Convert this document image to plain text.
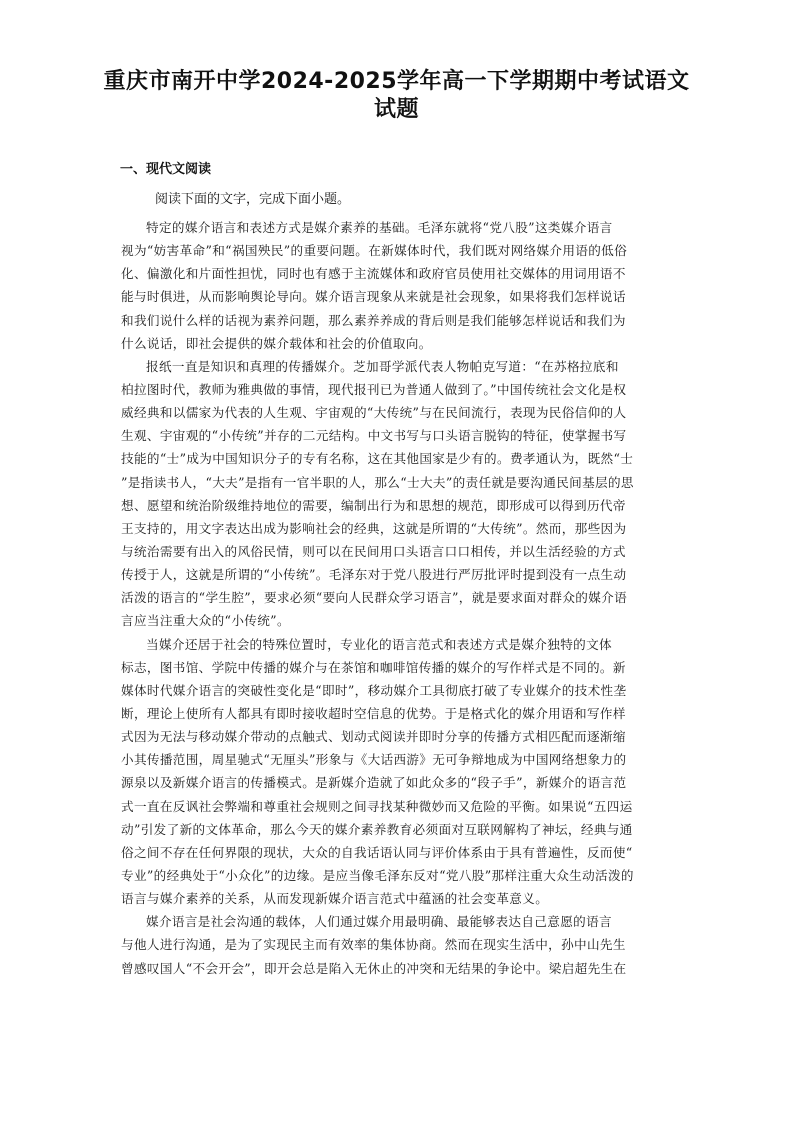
重庆市南开中学2024-2025学年高一下学期期中考试语文
试题
一、现代文阅读
阅读下面的文字，完成下面小题。
特定的媒介语言和表述方式是媒介素养的基础。毛泽东就将“党八股”这类媒介语言
视为“妨害革命”和“祸国殃民”的重要问题。在新媒体时代，我们既对网络媒介用语的低俗
化、偏激化和片面性担忧，同时也有感于主流媒体和政府官员使用社交媒体的用词用语不
能与时俱进，从而影响舆论导向。媒介语言现象从来就是社会现象，如果将我们怎样说话
和我们说什么样的话视为素养问题，那么素养养成的背后则是我们能够怎样说话和我们为
什么说话，即社会提供的媒介载体和社会的价值取向。
报纸一直是知识和真理的传播媒介。芝加哥学派代表人物帕克写道：“在苏格拉底和
柏拉图时代，教师为雅典做的事情，现代报刊已为普通人做到了。”中国传统社会文化是权
威经典和以儒家为代表的人生观、宇宙观的“大传统”与在民间流行，表现为民俗信仰的人
生观、宇宙观的“小传统”并存的二元结构。中文书写与口头语言脱钩的特征，使掌握书写
技能的“士”成为中国知识分子的专有名称，这在其他国家是少有的。费孝通认为，既然“士
”是指读书人，“大夫”是指有一官半职的人，那么“士大夫”的责任就是要沟通民间基层的思
想、愿望和统治阶级维持地位的需要，编制出行为和思想的规范，即形成可以得到历代帝
王支持的，用文字表达出成为影响社会的经典，这就是所谓的“大传统”。然而，那些因为
与统治需要有出入的风俗民情，则可以在民间用口头语言口口相传，并以生活经验的方式
传授于人，这就是所谓的“小传统”。毛泽东对于党八股进行严厉批评时提到没有一点生动
活泼的语言的“学生腔”，要求必须“要向人民群众学习语言”，就是要求面对群众的媒介语
言应当注重大众的“小传统”。
当媒介还居于社会的特殊位置时，专业化的语言范式和表述方式是媒介独特的文体
标志，图书馆、学院中传播的媒介与在茶馆和咖啡馆传播的媒介的写作样式是不同的。新
媒体时代媒介语言的突破性变化是“即时”，移动媒介工具彻底打破了专业媒介的技术性垄
断，理论上使所有人都具有即时接收超时空信息的优势。于是格式化的媒介用语和写作样
式因为无法与移动媒介带动的点触式、划动式阅读并即时分享的传播方式相匹配而逐渐缩
小其传播范围，周星驰式“无厘头”形象与《大话西游》无可争辩地成为中国网络想象力的
源泉以及新媒介语言的传播模式。是新媒介造就了如此众多的“段子手”，新媒介的语言范
式一直在反讽社会弊端和尊重社会规则之间寻找某种微妙而又危险的平衡。如果说“五四运
动”引发了新的文体革命，那么今天的媒介素养教育必须面对互联网解构了神坛，经典与通
俗之间不存在任何界限的现状，大众的自我话语认同与评价体系由于具有普遍性，反而使“
专业”的经典处于“小众化”的边缘。是应当像毛泽东反对“党八股”那样注重大众生动活泼的
语言与媒介素养的关系，从而发现新媒介语言范式中蕴涵的社会变革意义。
媒介语言是社会沟通的载体，人们通过媒介用最明确、最能够表达自己意愿的语言
与他人进行沟通，是为了实现民主而有效率的集体协商。然而在现实生活中，孙中山先生
曾感叹国人“不会开会”，即开会总是陷入无休止的冲突和无结果的争论中。梁启超先生在
